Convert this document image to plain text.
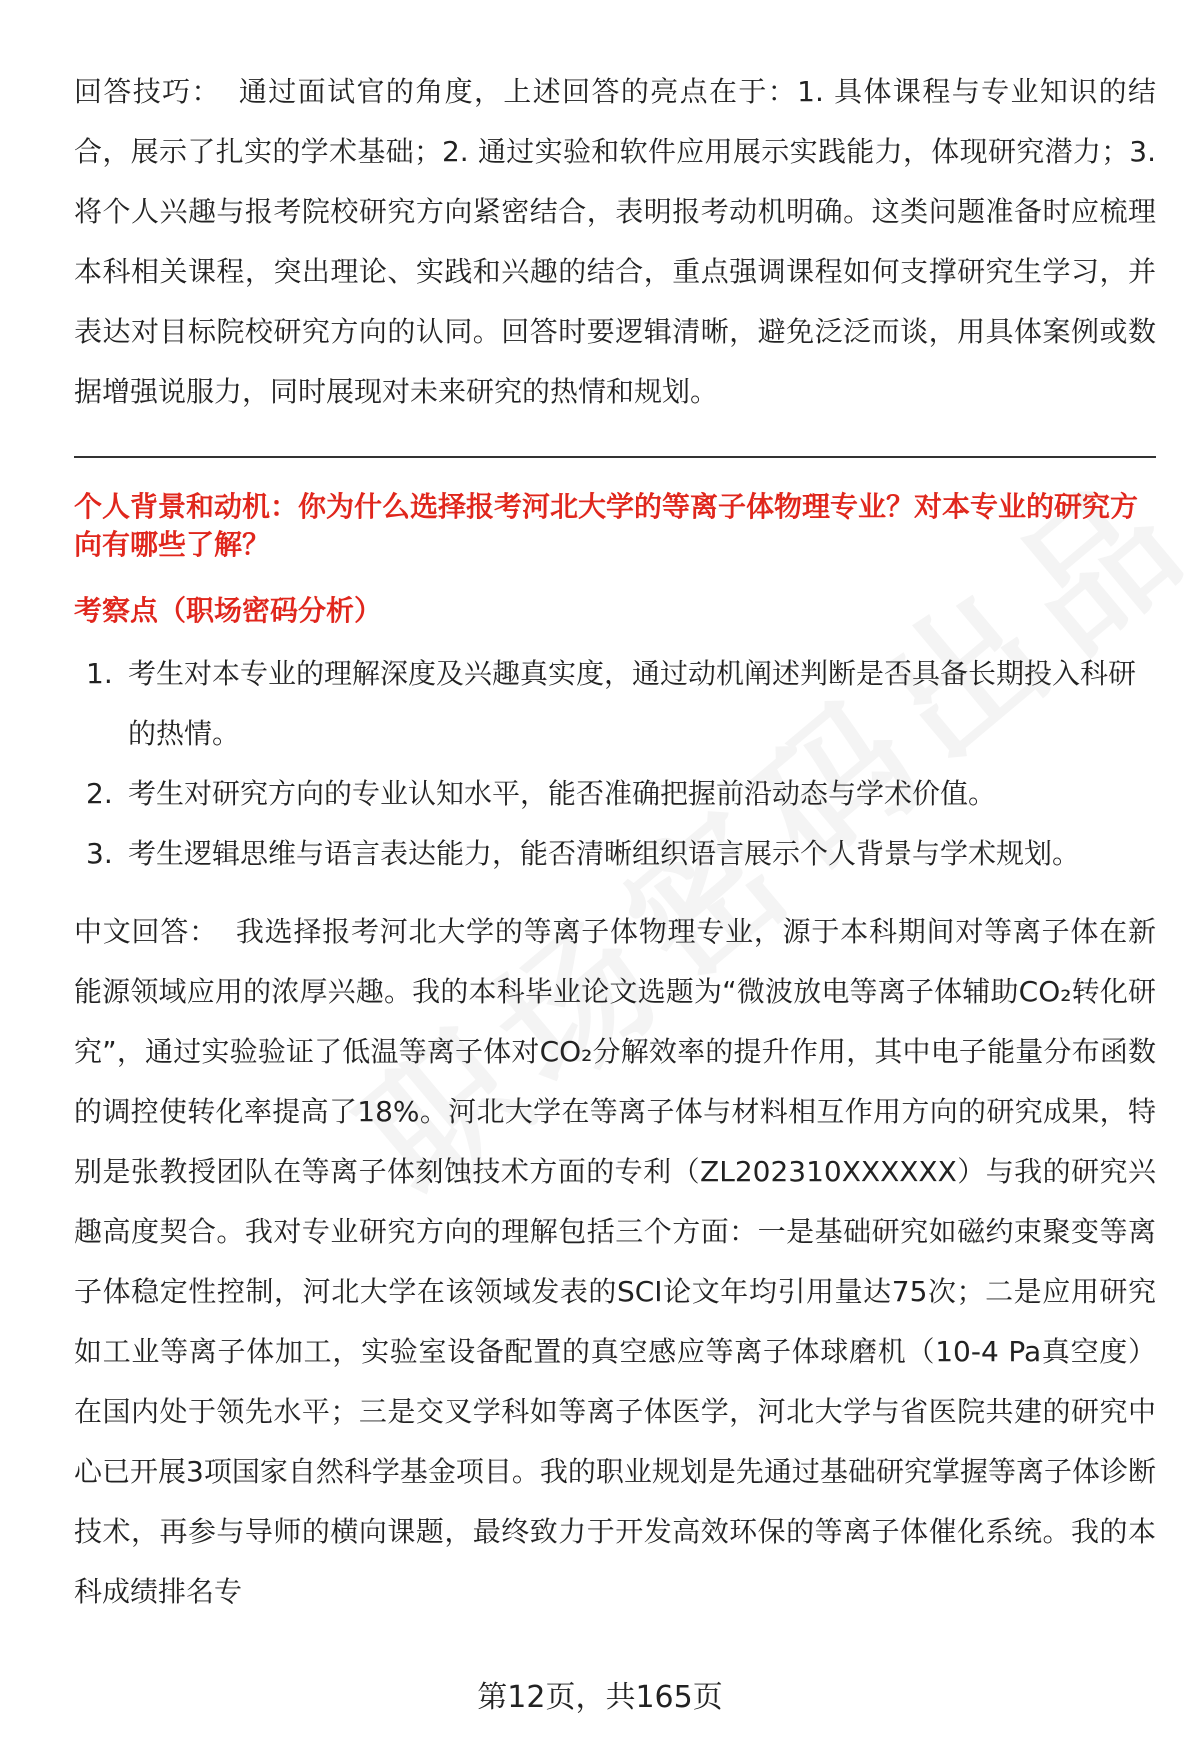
回答技巧： 通过面试官的角度，上述回答的亮点在于：1. 具体课程与专业知识的结合，展示了扎实的学术基础；2. 通过实验和软件应用展示实践能力，体现研究潜力；3. 将个人兴趣与报考院校研究方向紧密结合，表明报考动机明确。这类问题准备时应梳理本科相关课程，突出理论、实践和兴趣的结合，重点强调课程如何支撑研究生学习，并表达对目标院校研究方向的认同。回答时要逻辑清晰，避免泛泛而谈，用具体案例或数据增强说服力，同时展现对未来研究的热情和规划。

个人背景和动机：你为什么选择报考河北大学的等离子体物理专业？对本专业的研究方向有哪些了解？

考察点（职场密码分析）

1. 考生对本专业的理解深度及兴趣真实度，通过动机阐述判断是否具备长期投入科研的热情。
2. 考生对研究方向的专业认知水平，能否准确把握前沿动态与学术价值。
3. 考生逻辑思维与语言表达能力，能否清晰组织语言展示个人背景与学术规划。

中文回答： 我选择报考河北大学的等离子体物理专业，源于本科期间对等离子体在新能源领域应用的浓厚兴趣。我的本科毕业论文选题为“微波放电等离子体辅助CO₂转化研究”，通过实验验证了低温等离子体对CO₂分解效率的提升作用，其中电子能量分布函数的调控使转化率提高了18%。河北大学在等离子体与材料相互作用方向的研究成果，特别是张教授团队在等离子体刻蚀技术方面的专利（ZL202310XXXXXX）与我的研究兴趣高度契合。我对专业研究方向的理解包括三个方面：一是基础研究如磁约束聚变等离子体稳定性控制，河北大学在该领域发表的SCI论文年均引用量达75次；二是应用研究如工业等离子体加工，实验室设备配置的真空感应等离子体球磨机（10-4 Pa真空度）在国内处于领先水平；三是交叉学科如等离子体医学，河北大学与省医院共建的研究中心已开展3项国家自然科学基金项目。我的职业规划是先通过基础研究掌握等离子体诊断技术，再参与导师的横向课题，最终致力于开发高效环保的等离子体催化系统。我的本科成绩排名专

第12页，共165页
